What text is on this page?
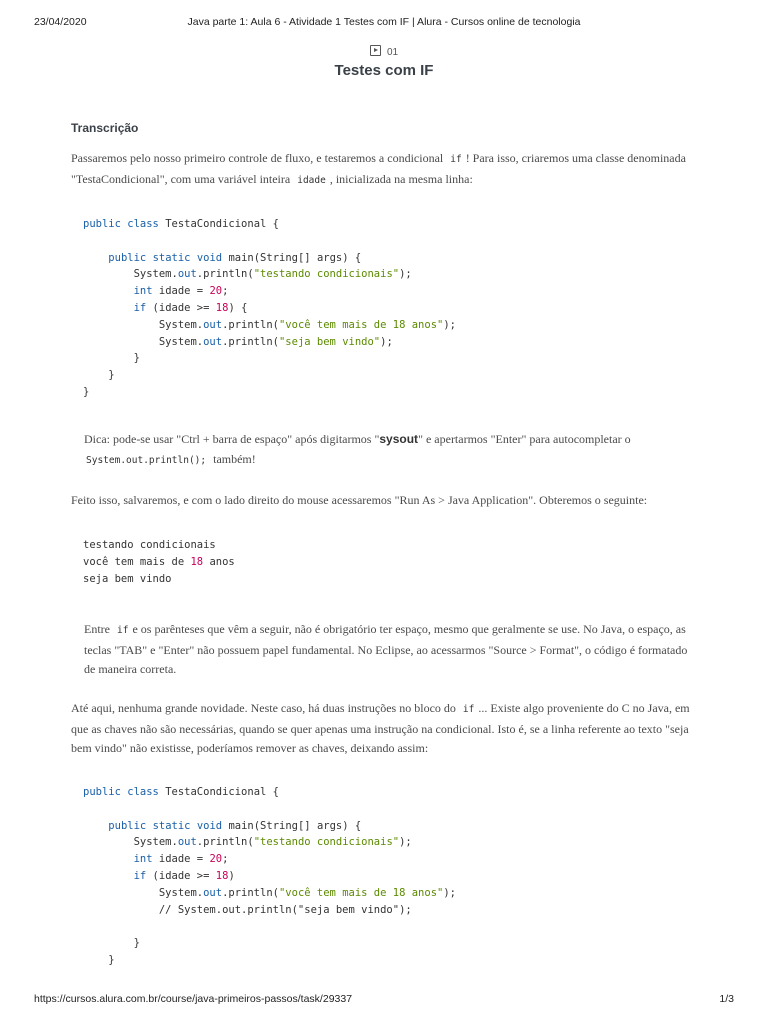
23/04/2020	Java parte 1: Aula 6 - Atividade 1 Testes com IF | Alura - Cursos online de tecnologia
01
Testes com IF
Transcrição
Passaremos pelo nosso primeiro controle de fluxo, e testaremos a condicional if ! Para isso, criaremos uma classe denominada "TestaCondicional", com uma variável inteira idade , inicializada na mesma linha:
public class TestaCondicional {

public static void main(String[] args) {
System.out.println("testando condicionais");
int idade = 20;
if (idade >= 18) {
System.out.println("você tem mais de 18 anos");
System.out.println("seja bem vindo");
}
}
}
Dica: pode-se usar "Ctrl + barra de espaço" após digitarmos "sysout" e apertarmos "Enter" para autocompletar o
System.out.println(); também!
Feito isso, salvaremos, e com o lado direito do mouse acessaremos "Run As > Java Application". Obteremos o seguinte:
testando condicionais
você tem mais de 18 anos
seja bem vindo
Entre if e os parênteses que vêm a seguir, não é obrigatório ter espaço, mesmo que geralmente se use. No Java, o espaço, as teclas "TAB" e "Enter" não possuem papel fundamental. No Eclipse, ao acessarmos "Source > Format", o código é formatado de maneira correta.
Até aqui, nenhuma grande novidade. Neste caso, há duas instruções no bloco do if ... Existe algo proveniente do C no Java, em que as chaves não são necessárias, quando se quer apenas uma instrução na condicional. Isto é, se a linha referente ao texto "seja bem vindo" não existisse, poderíamos remover as chaves, deixando assim:
public class TestaCondicional {

public static void main(String[] args) {
System.out.println("testando condicionais");
int idade = 20;
if (idade >= 18)
System.out.println("você tem mais de 18 anos");
// System.out.println("seja bem vindo");

}
}
https://cursos.alura.com.br/course/java-primeiros-passos/task/29337	1/3
